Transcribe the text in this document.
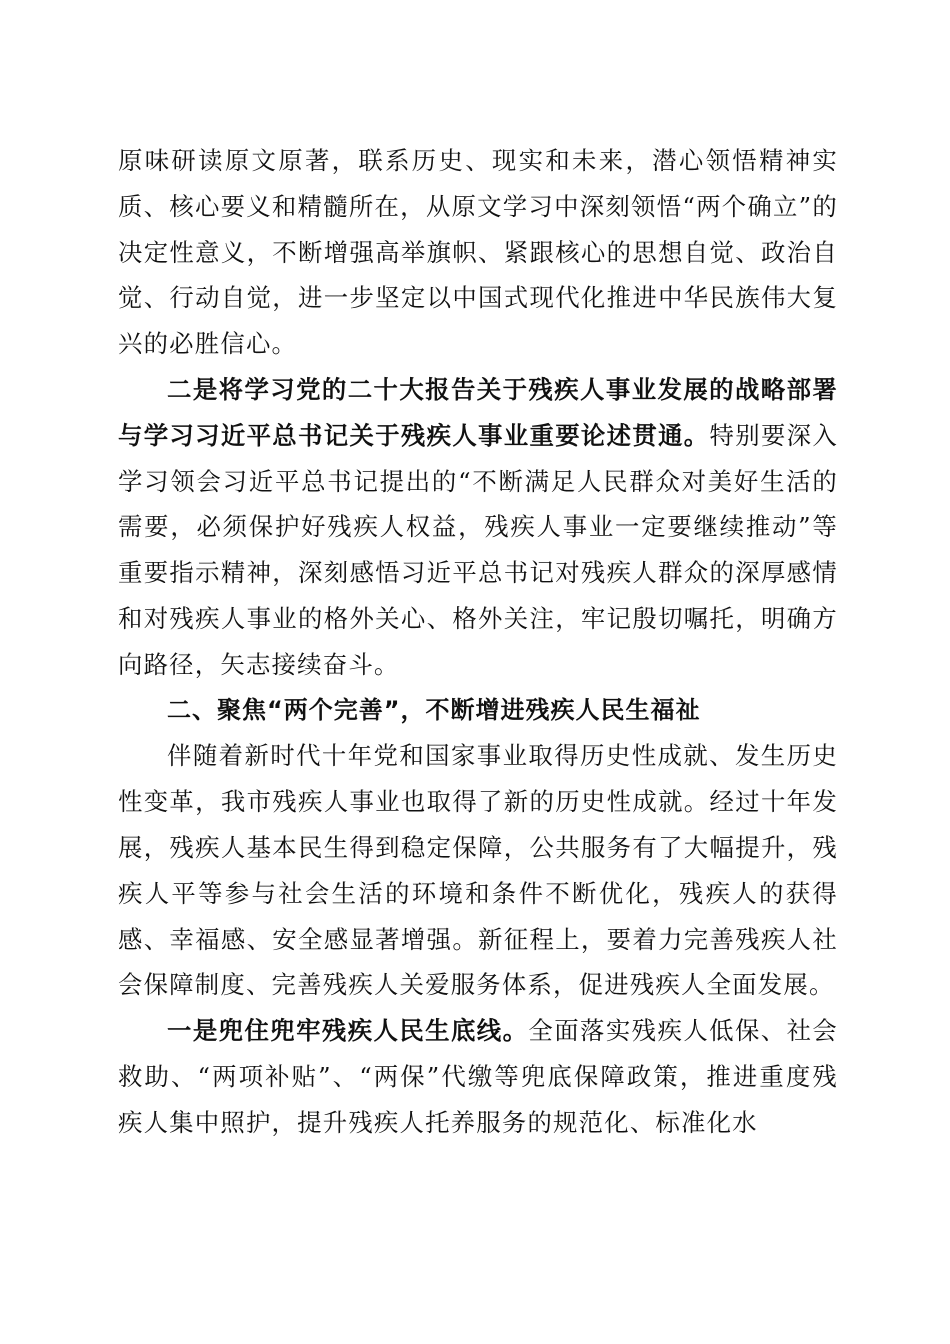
原味研读原文原著，联系历史、现实和未来，潜心领悟精神实质、核心要义和精髓所在，从原文学习中深刻领悟“两个确立”的决定性意义，不断增强高举旗帜、紧跟核心的思想自觉、政治自觉、行动自觉，进一步坚定以中国式现代化推进中华民族伟大复兴的必胜信心。

二是将学习党的二十大报告关于残疾人事业发展的战略部署与学习习近平总书记关于残疾人事业重要论述贯通。特别要深入学习领会习近平总书记提出的“不断满足人民群众对美好生活的需要，必须保护好残疾人权益，残疾人事业一定要继续推动”等重要指示精神，深刻感悟习近平总书记对残疾人群众的深厚感情和对残疾人事业的格外关心、格外关注，牢记殷切嘱托，明确方向路径，矢志接续奋斗。

二、聚焦“两个完善”，不断增进残疾人民生福祉

伴随着新时代十年党和国家事业取得历史性成就、发生历史性变革，我市残疾人事业也取得了新的历史性成就。经过十年发展，残疾人基本民生得到稳定保障，公共服务有了大幅提升，残疾人平等参与社会生活的环境和条件不断优化，残疾人的获得感、幸福感、安全感显著增强。新征程上，要着力完善残疾人社会保障制度、完善残疾人关爱服务体系，促进残疾人全面发展。

一是兜住兜牢残疾人民生底线。全面落实残疾人低保、社会救助、“两项补贴”、“两保”代缴等兜底保障政策，推进重度残疾人集中照护，提升残疾人托养服务的规范化、标准化水
